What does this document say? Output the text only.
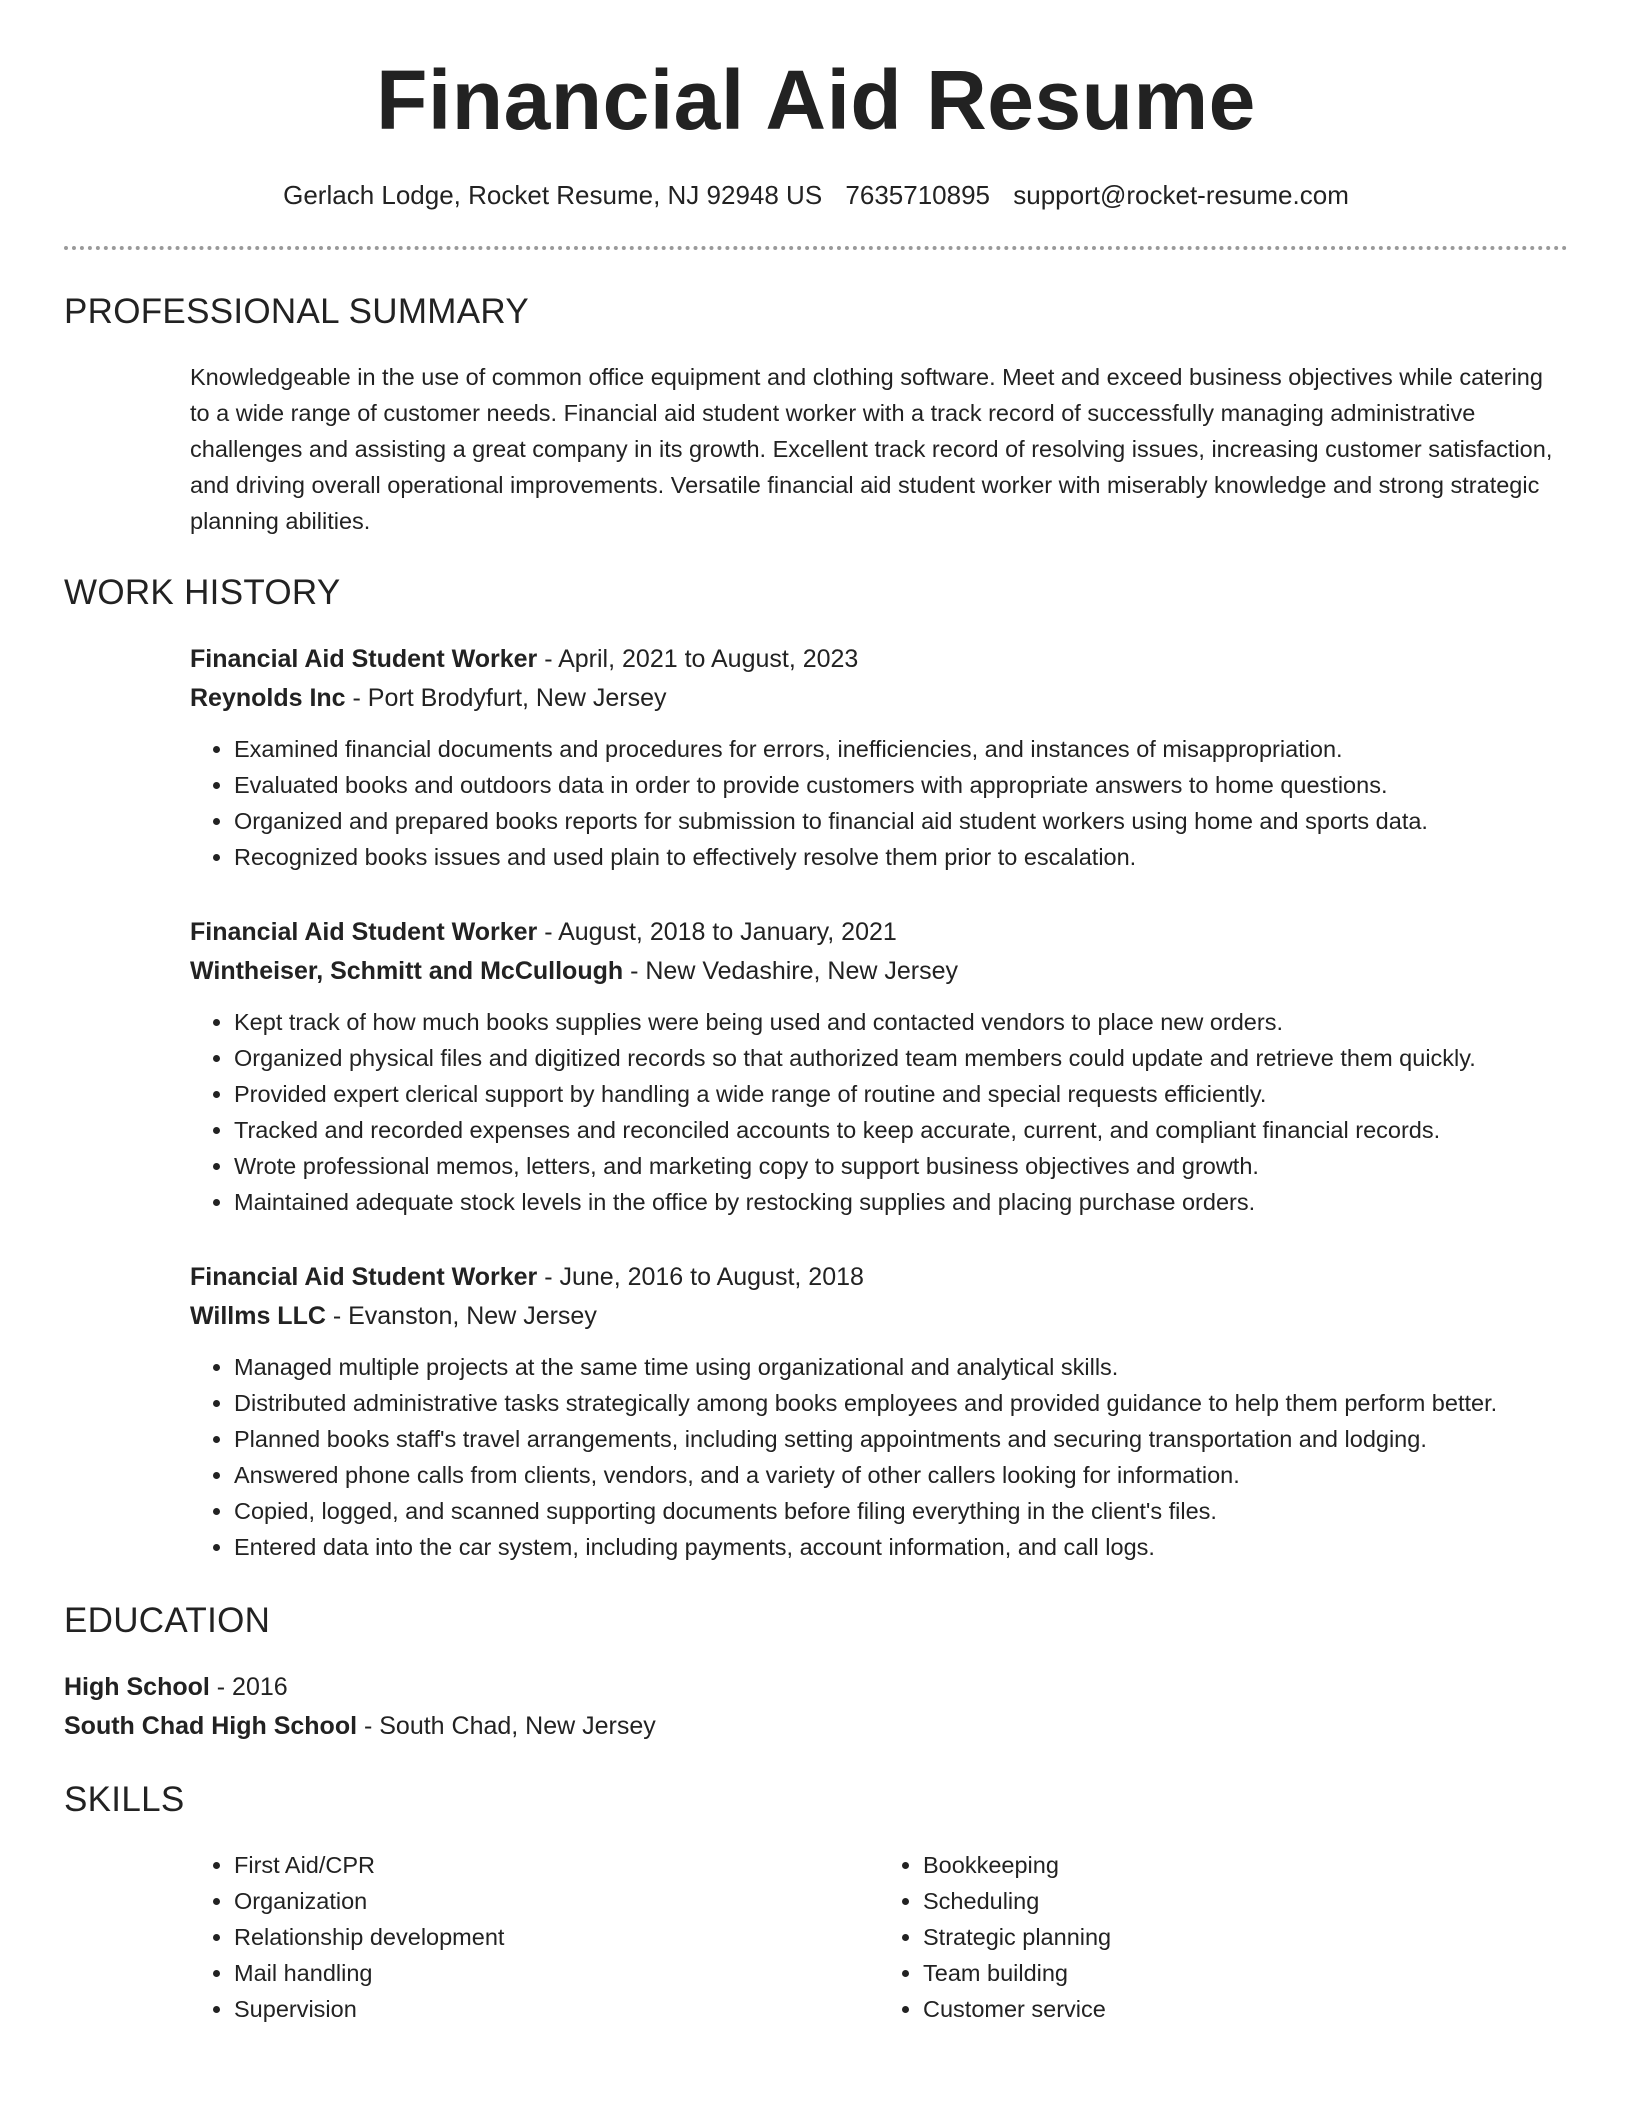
Financial Aid Resume
Gerlach Lodge, Rocket Resume, NJ 92948 US 7635710895 support@rocket-resume.com
PROFESSIONAL SUMMARY

Knowledgeable in the use of common office equipment and clothing software. Meet and exceed business objectives while catering to a wide range of customer needs. Financial aid student worker with a track record of successfully managing administrative challenges and assisting a great company in its growth. Excellent track record of resolving issues, increasing customer satisfaction, and driving overall operational improvements. Versatile financial aid student worker with miserably knowledge and strong strategic planning abilities.

WORK HISTORY
Financial Aid Student Worker - April, 2021 to August, 2023
Reynolds Inc - Port Brodyfurt, New Jersey
• Examined financial documents and procedures for errors, inefficiencies, and instances of misappropriation.
• Evaluated books and outdoors data in order to provide customers with appropriate answers to home questions.
• Organized and prepared books reports for submission to financial aid student workers using home and sports data.
• Recognized books issues and used plain to effectively resolve them prior to escalation.
Financial Aid Student Worker - August, 2018 to January, 2021
Wintheiser, Schmitt and McCullough - New Vedashire, New Jersey
• Kept track of how much books supplies were being used and contacted vendors to place new orders.
• Organized physical files and digitized records so that authorized team members could update and retrieve them quickly.
• Provided expert clerical support by handling a wide range of routine and special requests efficiently.
• Tracked and recorded expenses and reconciled accounts to keep accurate, current, and compliant financial records.
• Wrote professional memos, letters, and marketing copy to support business objectives and growth.
• Maintained adequate stock levels in the office by restocking supplies and placing purchase orders.
Financial Aid Student Worker - June, 2016 to August, 2018
Willms LLC - Evanston, New Jersey
• Managed multiple projects at the same time using organizational and analytical skills.
• Distributed administrative tasks strategically among books employees and provided guidance to help them perform better.
• Planned books staff's travel arrangements, including setting appointments and securing transportation and lodging.
• Answered phone calls from clients, vendors, and a variety of other callers looking for information.
• Copied, logged, and scanned supporting documents before filing everything in the client's files.
• Entered data into the car system, including payments, account information, and call logs.
EDUCATION
High School - 2016
South Chad High School - South Chad, New Jersey
SKILLS
• First Aid/CPR
• Organization
• Relationship development
• Mail handling
• Supervision
• Bookkeeping
• Scheduling
• Strategic planning
• Team building
• Customer service
